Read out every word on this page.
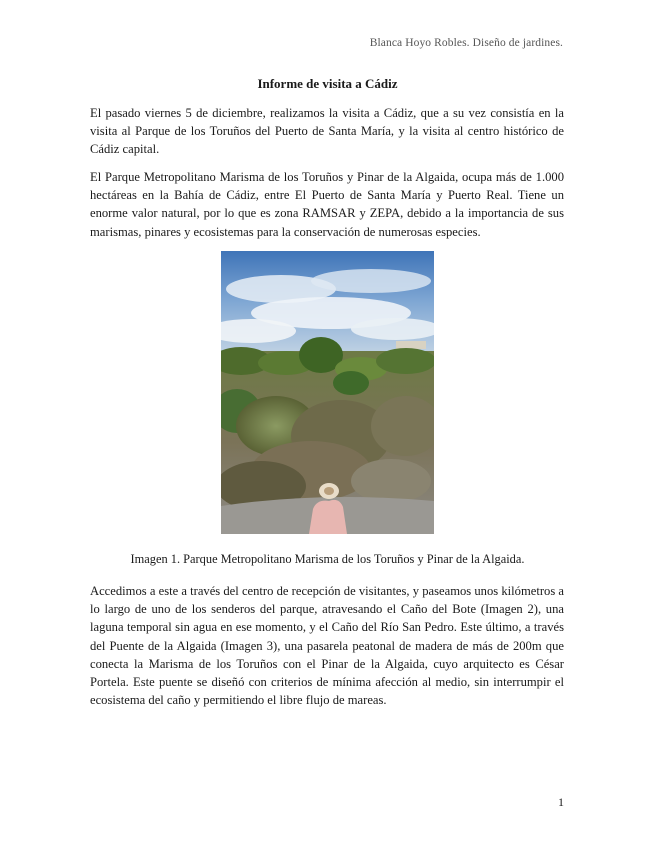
Blanca Hoyo Robles. Diseño de jardines.
Informe de visita a Cádiz

El pasado viernes 5 de diciembre, realizamos la visita a Cádiz, que a su vez consistía en la visita al Parque de los Toruños del Puerto de Santa María, y la visita al centro histórico de Cádiz capital.

El Parque Metropolitano Marisma de los Toruños y Pinar de la Algaida, ocupa más de 1.000 hectáreas en la Bahía de Cádiz, entre El Puerto de Santa María y Puerto Real. Tiene un enorme valor natural, por lo que es zona RAMSAR y ZEPA, debido a la importancia de sus marismas, pinares y ecosistemas para la conservación de numerosas especies.

Imagen 1. Parque Metropolitano Marisma de los Toruños y Pinar de la Algaida.

Accedimos a este a través del centro de recepción de visitantes, y paseamos unos kilómetros a lo largo de uno de los senderos del parque, atravesando el Caño del Bote (Imagen 2), una laguna temporal sin agua en ese momento, y el Caño del Río San Pedro. Este último, a través del Puente de la Algaida (Imagen 3), una pasarela peatonal de madera de más de 200m que conecta la Marisma de los Toruños con el Pinar de la Algaida, cuyo arquitecto es César Portela. Este puente se diseñó con criterios de mínima afección al medio, sin interrumpir el ecosistema del caño y permitiendo el libre flujo de mareas.

1
